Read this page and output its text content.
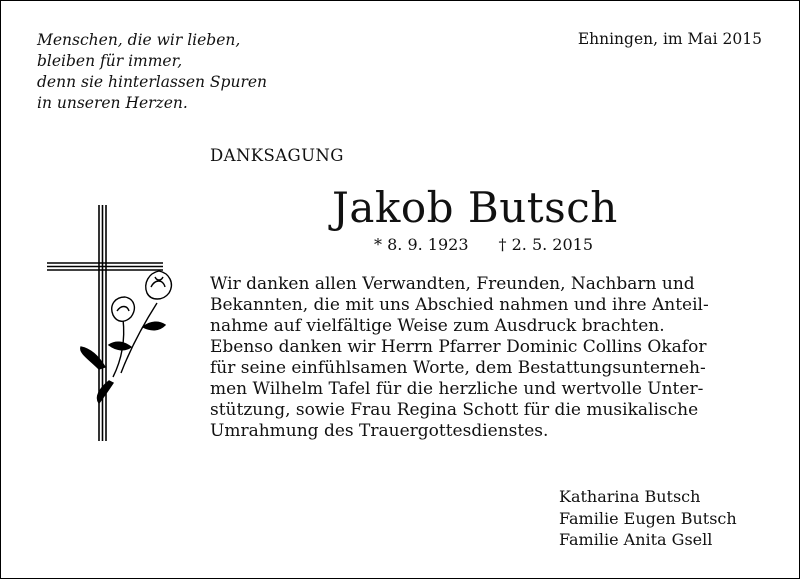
Menschen, die wir lieben,
bleiben für immer,
denn sie hinterlassen Spuren
in unseren Herzen.
Ehningen, im Mai 2015
DANKSAGUNG
Jakob Butsch
* 8. 9. 1923 † 2. 5. 2015
Wir danken allen Verwandten, Freunden, Nachbarn und
Bekannten, die mit uns Abschied nahmen und ihre Anteil-
nahme auf vielfältige Weise zum Ausdruck brachten.
Ebenso danken wir Herrn Pfarrer Dominic Collins Okafor
für seine einfühlsamen Worte, dem Bestattungsunterneh-
men Wilhelm Tafel für die herzliche und wertvolle Unter-
stützung, sowie Frau Regina Schott für die musikalische
Umrahmung des Trauergottesdienstes.
Katharina Butsch
Familie Eugen Butsch
Familie Anita Gsell
